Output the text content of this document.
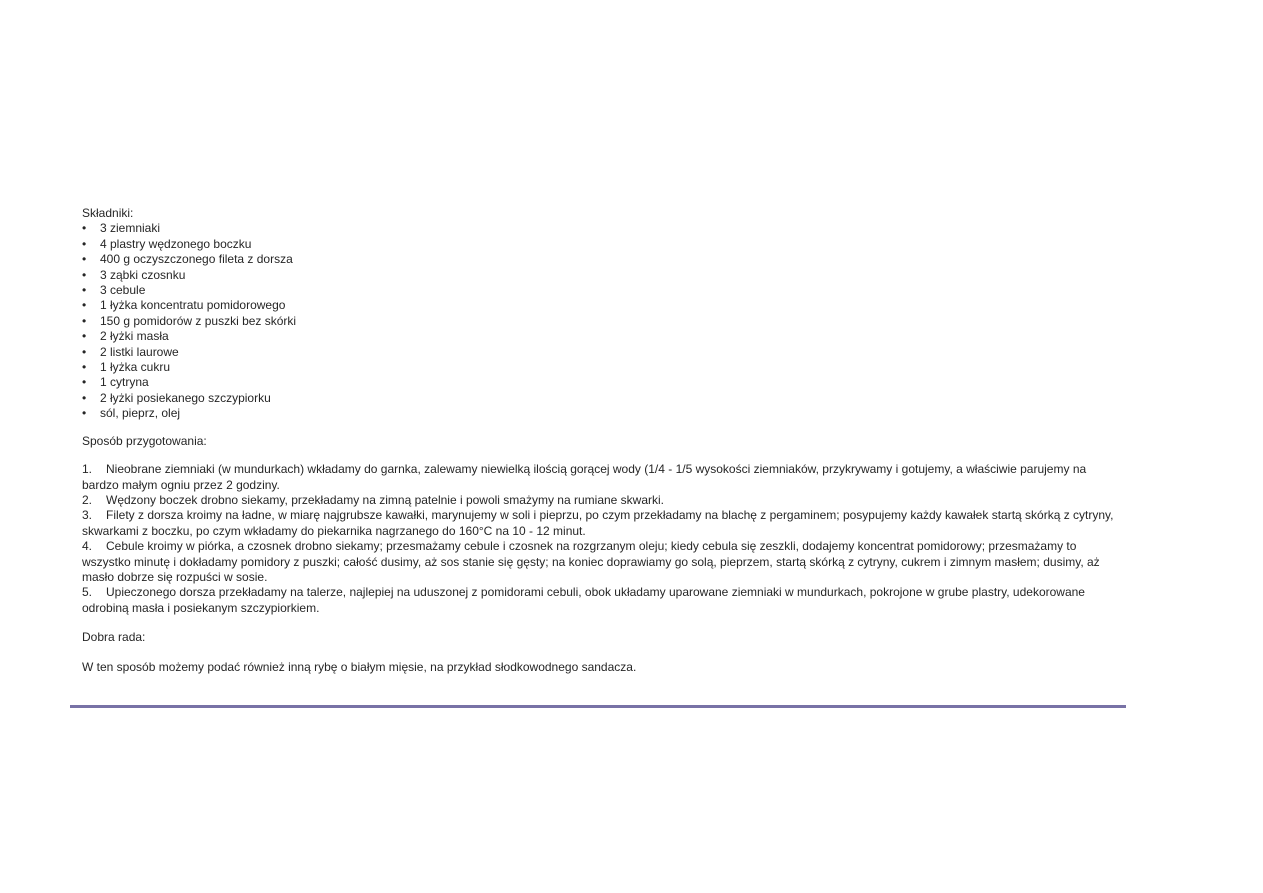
Składniki:
•	3 ziemniaki
•	4 plastry wędzonego boczku
•	400 g oczyszczonego fileta z dorsza
•	3 ząbki czosnku
•	3 cebule
•	1 łyżka koncentratu pomidorowego
•	150 g pomidorów z puszki bez skórki
•	2 łyżki masła
•	2 listki laurowe
•	1 łyżka cukru
•	1 cytryna
•	2 łyżki posiekanego szczypiorku
•	sól, pieprz, olej
Sposób przygotowania:
1. Nieobrane ziemniaki (w mundurkach) wkładamy do garnka, zalewamy niewielką ilością gorącej wody (1/4 - 1/5 wysokości ziemniaków, przykrywamy i gotujemy, a właściwie parujemy na bardzo małym ogniu przez 2 godziny.
2. Wędzony boczek drobno siekamy, przekładamy na zimną patelnie i powoli smażymy na rumiane skwarki.
3. Filety z dorsza kroimy na ładne, w miarę najgrubsze kawałki, marynujemy w soli i pieprzu, po czym przekładamy na blachę z pergaminem; posypujemy każdy kawałek startą skórką z cytryny, skwarkami z boczku, po czym wkładamy do piekarnika nagrzanego do 160°C na 10 - 12 minut.
4. Cebule kroimy w piórka, a czosnek drobno siekamy; przesmażamy cebule i czosnek na rozgrzanym oleju; kiedy cebula się zeszkli, dodajemy koncentrat pomidorowy; przesmażamy to wszystko minutę i dokładamy pomidory z puszki; całość dusimy, aż sos stanie się gęsty; na koniec doprawiamy go solą, pieprzem, startą skórką z cytryny, cukrem i zimnym masłem; dusimy, aż masło dobrze się rozpuści w sosie.
5. Upieczonego dorsza przekładamy na talerze, najlepiej na uduszonej z pomidorami cebuli, obok układamy uparowane ziemniaki w mundurkach, pokrojone w grube plastry, udekorowane odrobiną masła i posiekanym szczypiorkiem.
Dobra rada:
W ten sposób możemy podać również inną rybę o białym mięsie, na przykład słodkowodnego sandacza.
